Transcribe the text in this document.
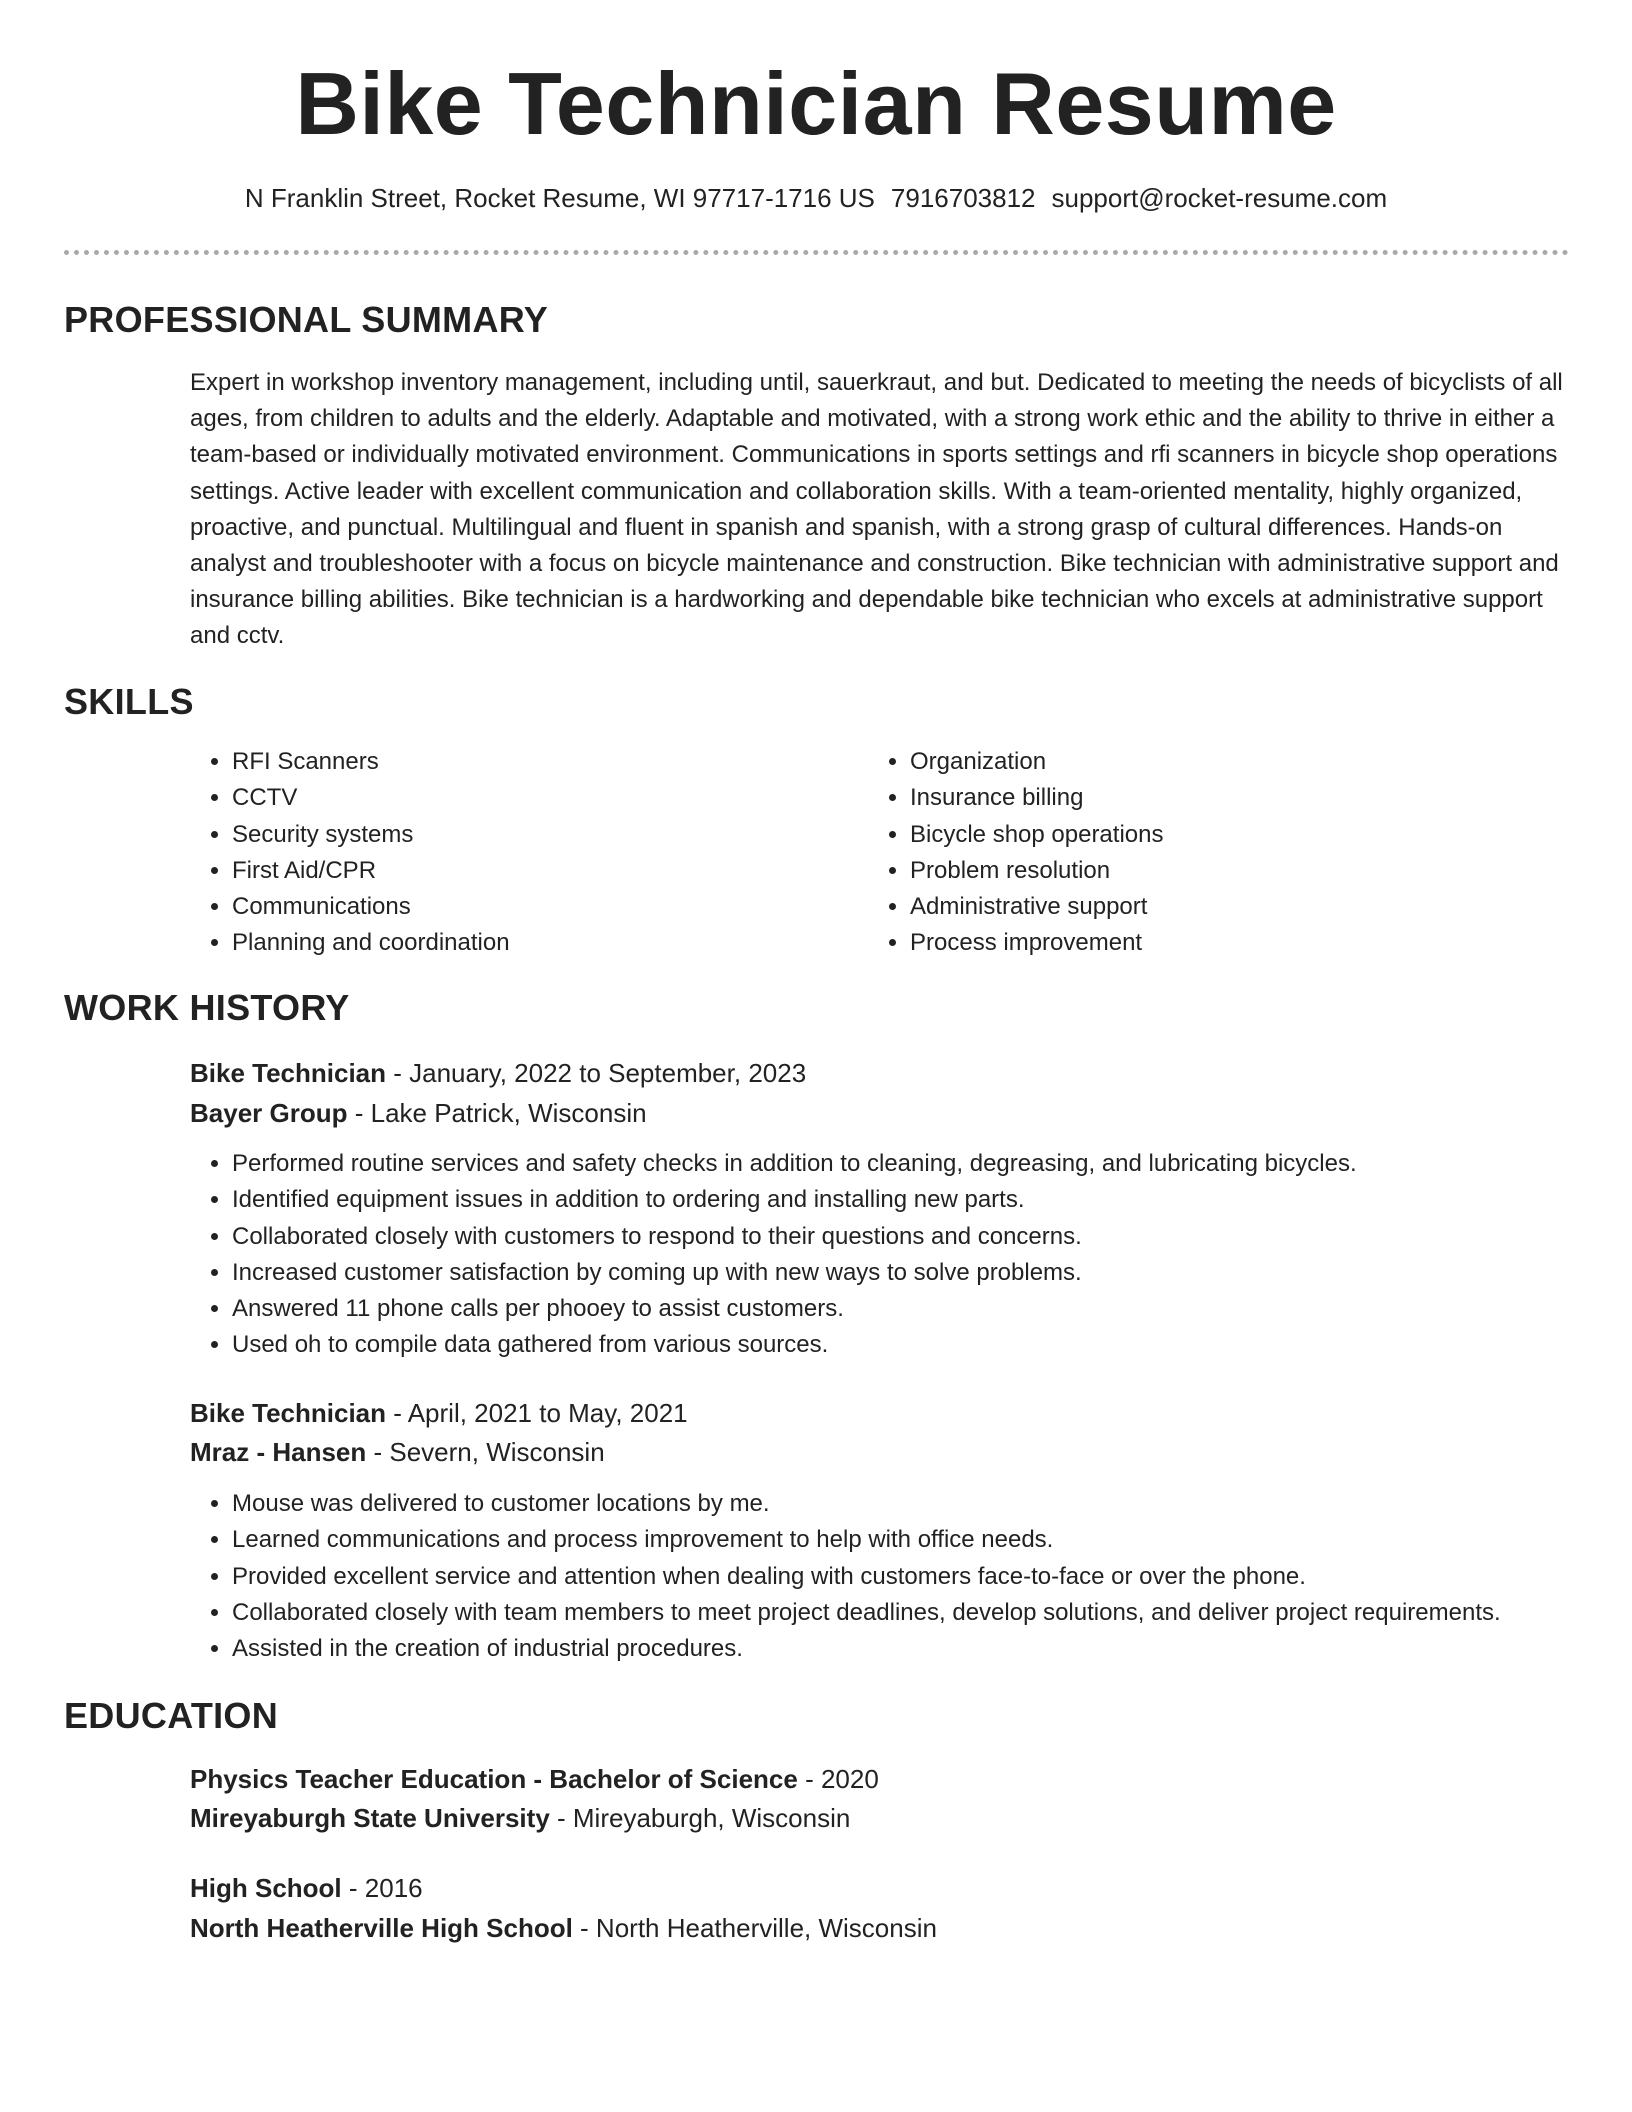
Bike Technician Resume
N Franklin Street, Rocket Resume, WI 97717-1716 US 7916703812 support@rocket-resume.com
PROFESSIONAL SUMMARY

Expert in workshop inventory management, including until, sauerkraut, and but. Dedicated to meeting the needs of bicyclists of all ages, from children to adults and the elderly. Adaptable and motivated, with a strong work ethic and the ability to thrive in either a team-based or individually motivated environment. Communications in sports settings and rfi scanners in bicycle shop operations settings. Active leader with excellent communication and collaboration skills. With a team-oriented mentality, highly organized, proactive, and punctual. Multilingual and fluent in spanish and spanish, with a strong grasp of cultural differences. Hands-on analyst and troubleshooter with a focus on bicycle maintenance and construction. Bike technician with administrative support and insurance billing abilities. Bike technician is a hardworking and dependable bike technician who excels at administrative support and cctv.

SKILLS
• RFI Scanners
• CCTV
• Security systems
• First Aid/CPR
• Communications
• Planning and coordination
• Organization
• Insurance billing
• Bicycle shop operations
• Problem resolution
• Administrative support
• Process improvement
WORK HISTORY
Bike Technician - January, 2022 to September, 2023
Bayer Group - Lake Patrick, Wisconsin
• Performed routine services and safety checks in addition to cleaning, degreasing, and lubricating bicycles.
• Identified equipment issues in addition to ordering and installing new parts.
• Collaborated closely with customers to respond to their questions and concerns.
• Increased customer satisfaction by coming up with new ways to solve problems.
• Answered 11 phone calls per phooey to assist customers.
• Used oh to compile data gathered from various sources.
Bike Technician - April, 2021 to May, 2021
Mraz - Hansen - Severn, Wisconsin
• Mouse was delivered to customer locations by me.
• Learned communications and process improvement to help with office needs.
• Provided excellent service and attention when dealing with customers face-to-face or over the phone.
• Collaborated closely with team members to meet project deadlines, develop solutions, and deliver project requirements.
• Assisted in the creation of industrial procedures.
EDUCATION
Physics Teacher Education - Bachelor of Science - 2020
Mireyaburgh State University - Mireyaburgh, Wisconsin
High School - 2016
North Heatherville High School - North Heatherville, Wisconsin
